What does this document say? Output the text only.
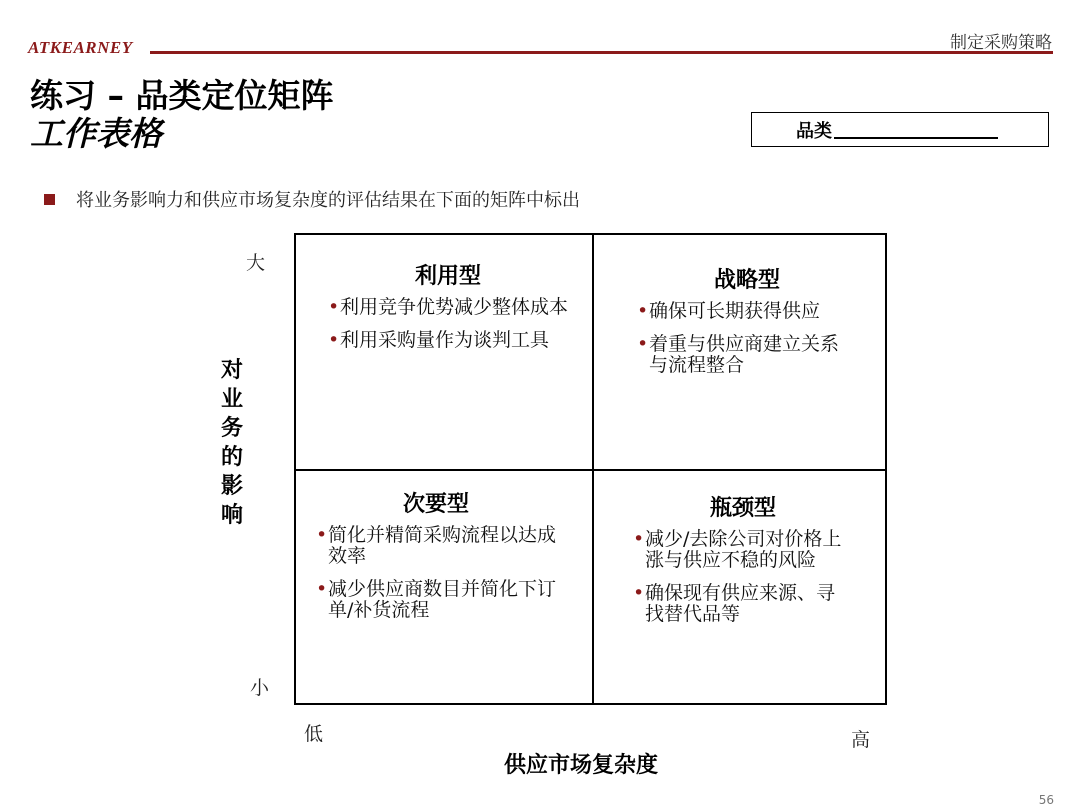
ATKEARNEY	制定采购策略
练习 – 品类定位矩阵
工作表格	品类
将业务影响力和供应市场复杂度的评估结果在下面的矩阵中标出
大
小
对业务的影响
利用型
• 利用竞争优势减少整体成本
• 利用采购量作为谈判工具
战略型
• 确保可长期获得供应
• 着重与供应商建立关系与流程整合
次要型
• 简化并精简采购流程以达成效率
• 减少供应商数目并简化下订单/补货流程
瓶颈型
• 减少/去除公司对价格上涨与供应不稳的风险
• 确保现有供应来源、寻找替代品等
低	高
供应市场复杂度
56
